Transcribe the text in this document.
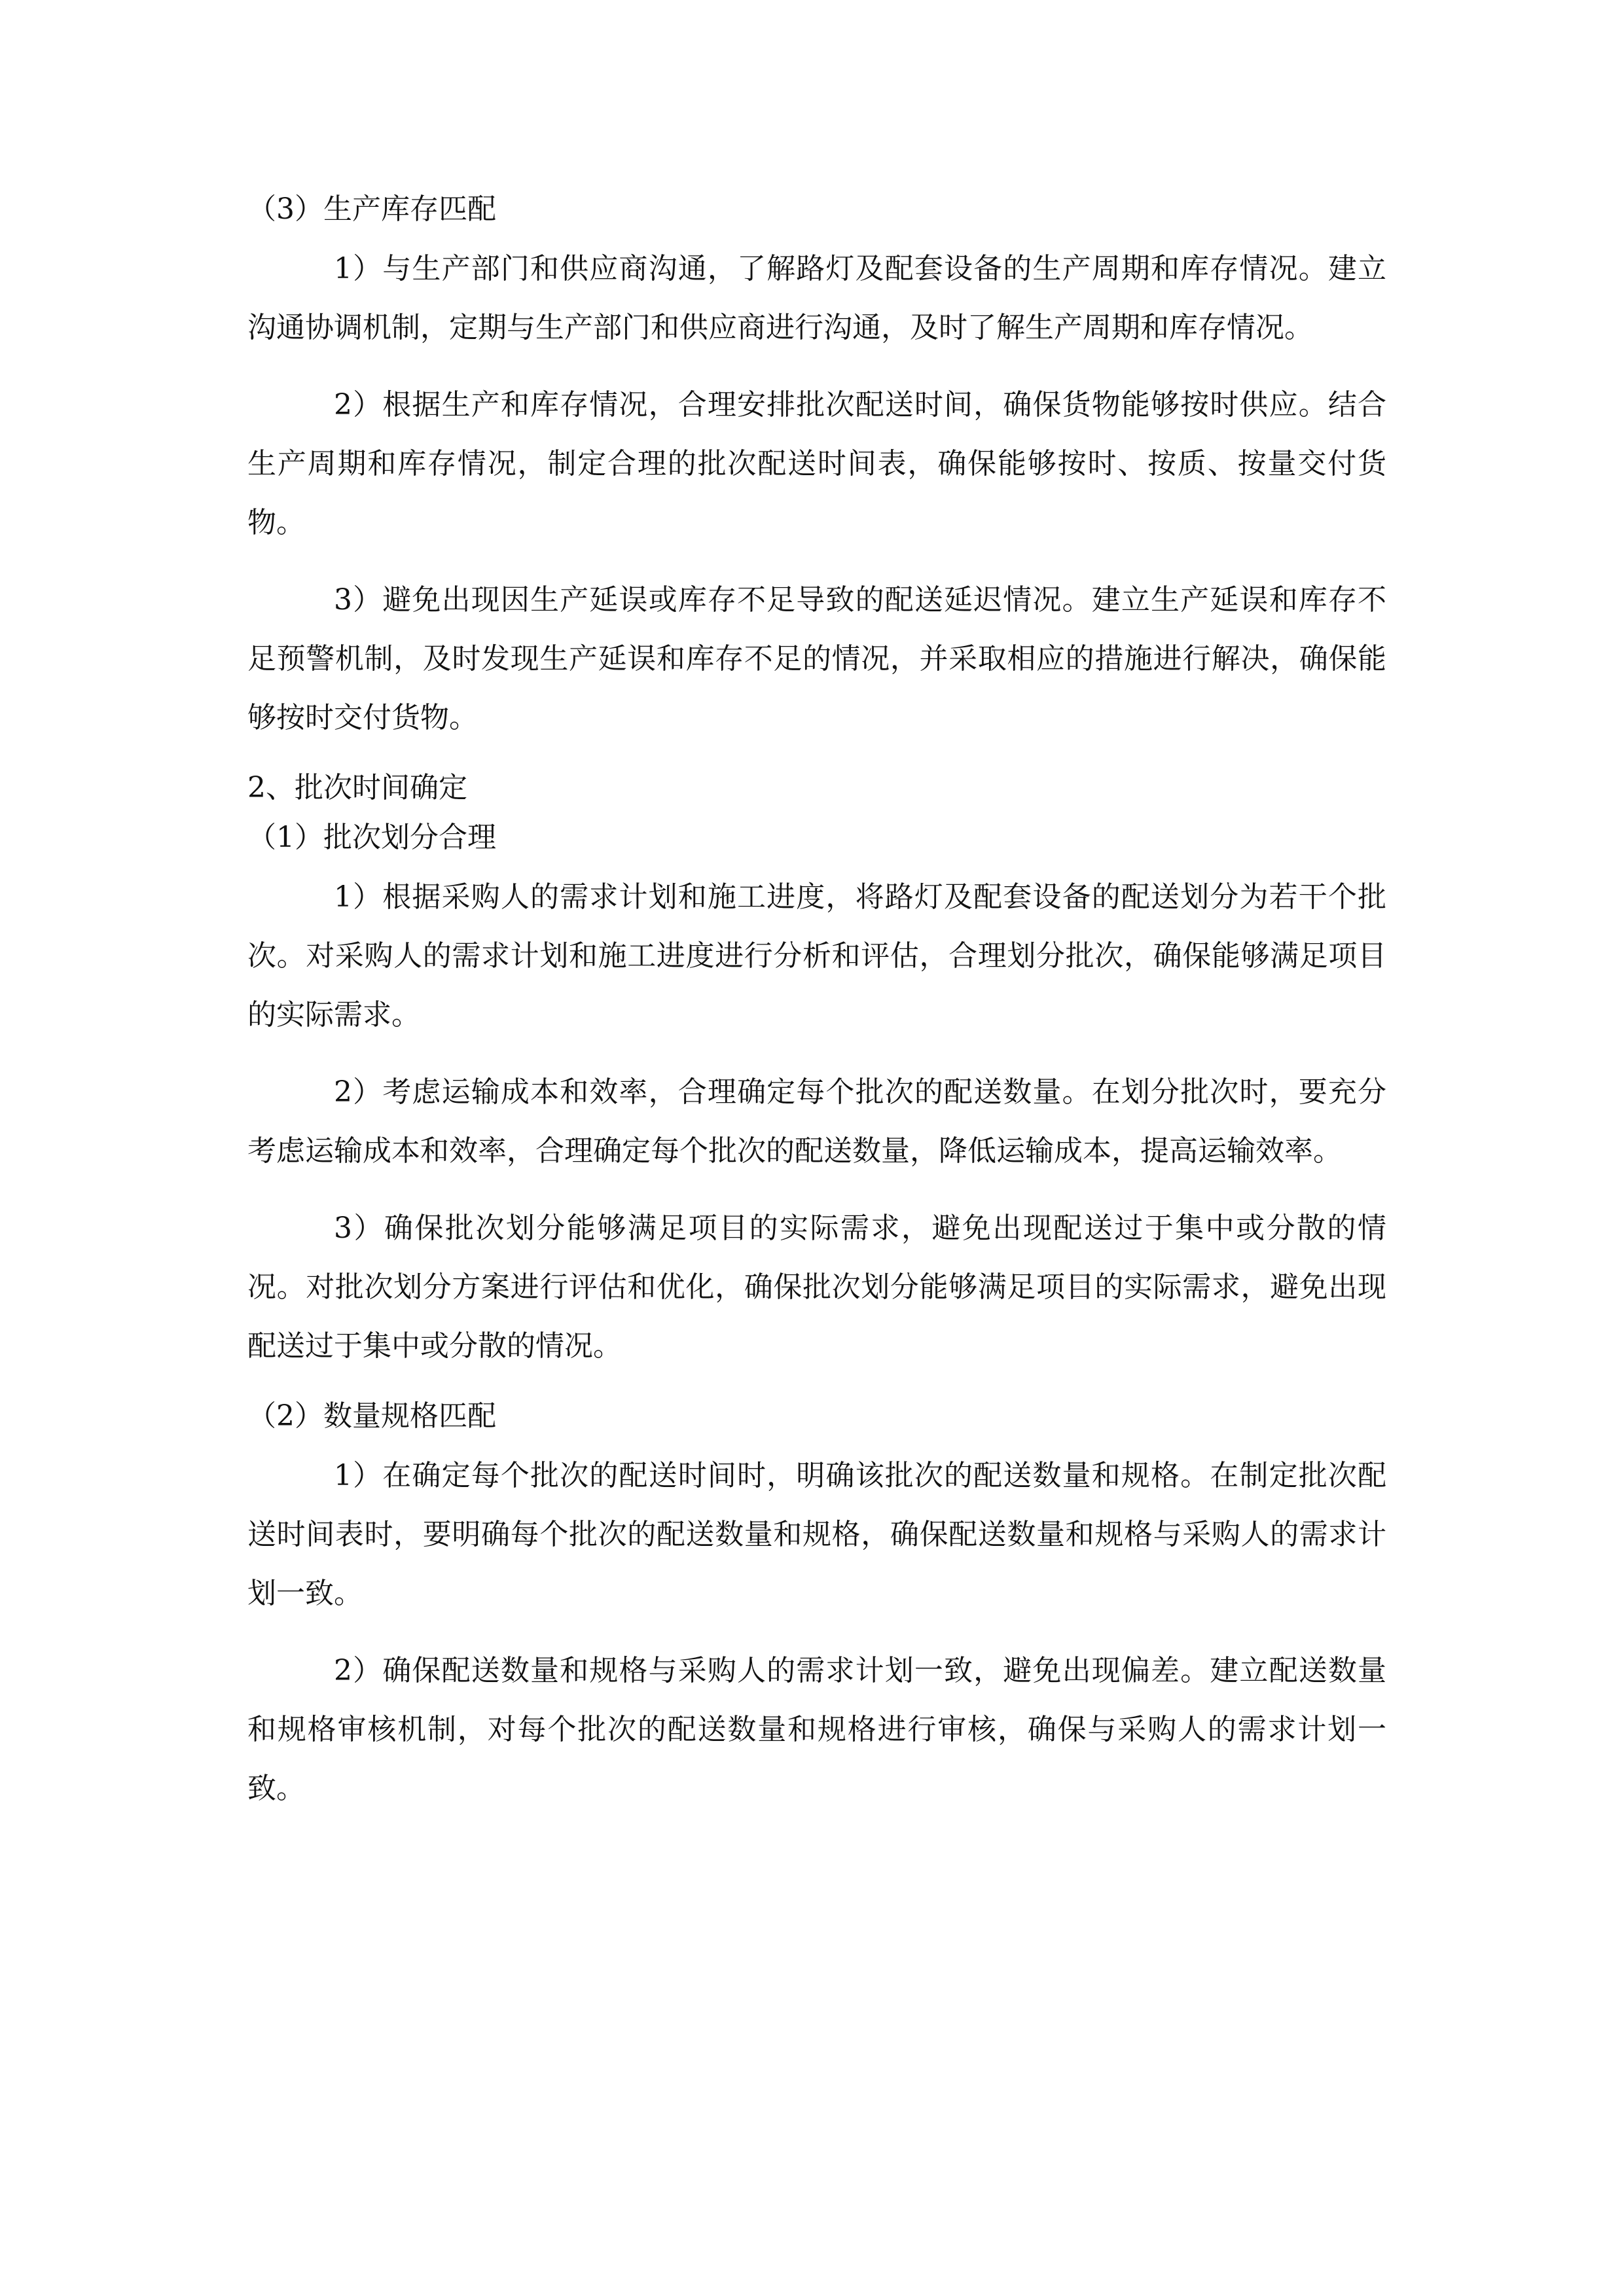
（3）生产库存匹配

1）与生产部门和供应商沟通，了解路灯及配套设备的生产周期和库存情况。建立沟通协调机制，定期与生产部门和供应商进行沟通，及时了解生产周期和库存情况。

2）根据生产和库存情况，合理安排批次配送时间，确保货物能够按时供应。结合生产周期和库存情况，制定合理的批次配送时间表，确保能够按时、按质、按量交付货物。

3）避免出现因生产延误或库存不足导致的配送延迟情况。建立生产延误和库存不足预警机制，及时发现生产延误和库存不足的情况，并采取相应的措施进行解决，确保能够按时交付货物。

2、批次时间确定

（1）批次划分合理

1）根据采购人的需求计划和施工进度，将路灯及配套设备的配送划分为若干个批次。对采购人的需求计划和施工进度进行分析和评估，合理划分批次，确保能够满足项目的实际需求。

2）考虑运输成本和效率，合理确定每个批次的配送数量。在划分批次时，要充分考虑运输成本和效率，合理确定每个批次的配送数量，降低运输成本，提高运输效率。

3）确保批次划分能够满足项目的实际需求，避免出现配送过于集中或分散的情况。对批次划分方案进行评估和优化，确保批次划分能够满足项目的实际需求，避免出现配送过于集中或分散的情况。

（2）数量规格匹配

1）在确定每个批次的配送时间时，明确该批次的配送数量和规格。在制定批次配送时间表时，要明确每个批次的配送数量和规格，确保配送数量和规格与采购人的需求计划一致。

2）确保配送数量和规格与采购人的需求计划一致，避免出现偏差。建立配送数量和规格审核机制，对每个批次的配送数量和规格进行审核，确保与采购人的需求计划一致。
